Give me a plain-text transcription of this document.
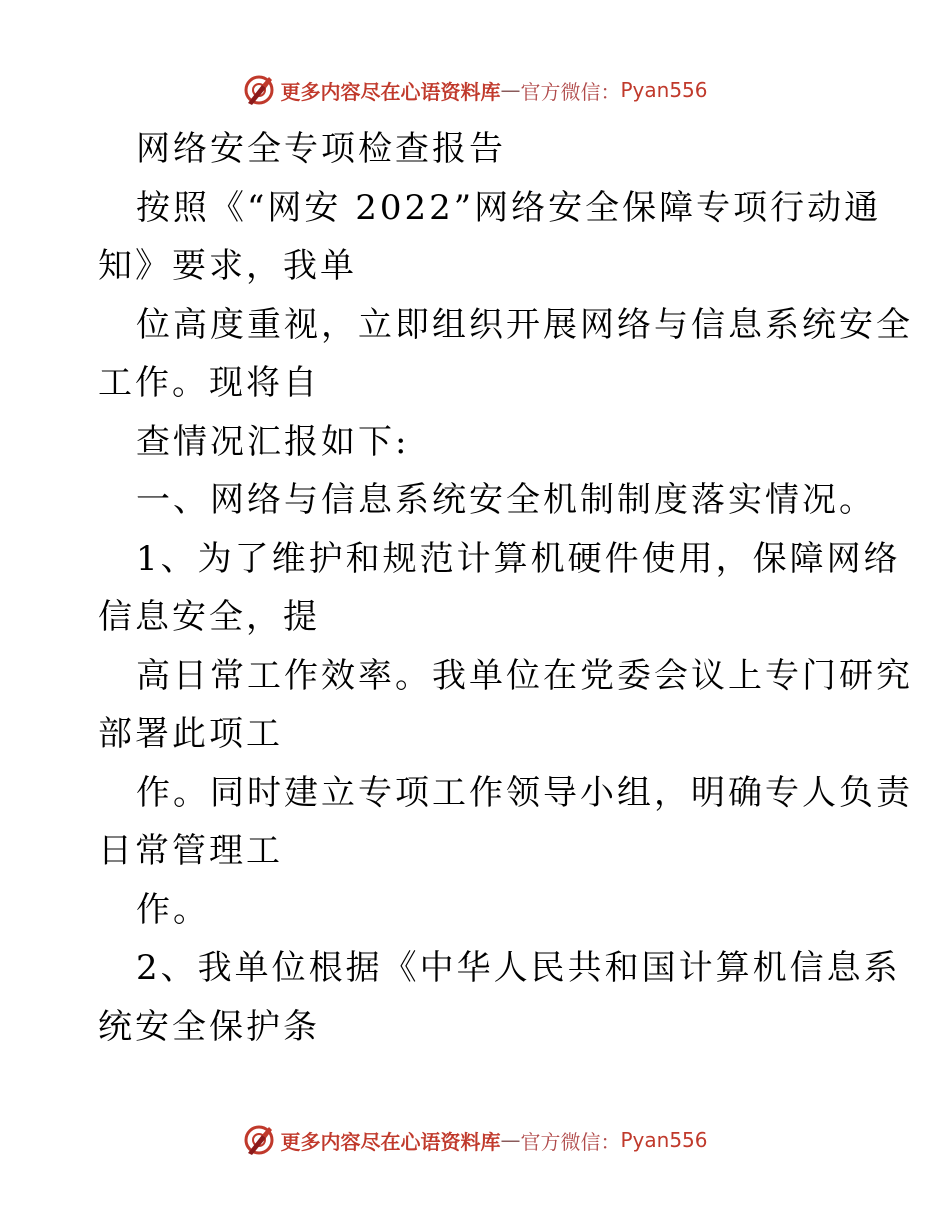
更多内容尽在心语资料库 — 官方微信： Pyan556
网络安全专项检查报告
按照《“网安 2022”网络安全保障专项行动通
知》要求，我单
位高度重视，立即组织开展网络与信息系统安全
工作。现将自
查情况汇报如下:
一、网络与信息系统安全机制制度落实情况。
1、为了维护和规范计算机硬件使用，保障网络
信息安全，提
高日常工作效率。我单位在党委会议上专门研究
部署此项工
作。同时建立专项工作领导小组，明确专人负责
日常管理工
作。
2、我单位根据《中华人民共和国计算机信息系
统安全保护条
更多内容尽在心语资料库 — 官方微信： Pyan556
